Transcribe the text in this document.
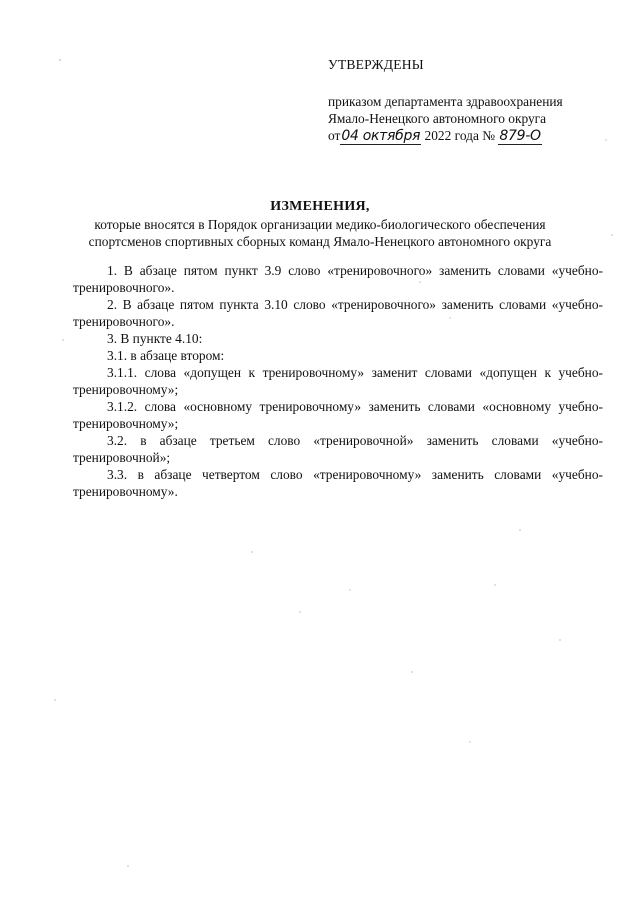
УТВЕРЖДЕНЫ

приказом департамента здравоохранения

Ямало-Ненецкого автономного округа

от04 октября 2022 года № 879-О

ИЗМЕНЕНИЯ,

которые вносятся в Порядок организации медико-биологического обеспечения

спортсменов спортивных сборных команд Ямало-Ненецкого автономного округа

1. В абзаце пятом пункт 3.9 слово «тренировочного» заменить словами «учебно-тренировочного».

2. В абзаце пятом пункта 3.10 слово «тренировочного» заменить словами «учебно-тренировочного».

3. В пункте 4.10:

3.1. в абзаце втором:

3.1.1. слова «допущен к тренировочному» заменит словами «допущен к учебно-тренировочному»;

3.1.2. слова «основному тренировочному» заменить словами «основному учебно-тренировочному»;

3.2. в абзаце третьем слово «тренировочной» заменить словами «учебно-тренировочной»;

3.3. в абзаце четвертом слово «тренировочному» заменить словами «учебно-тренировочному».
